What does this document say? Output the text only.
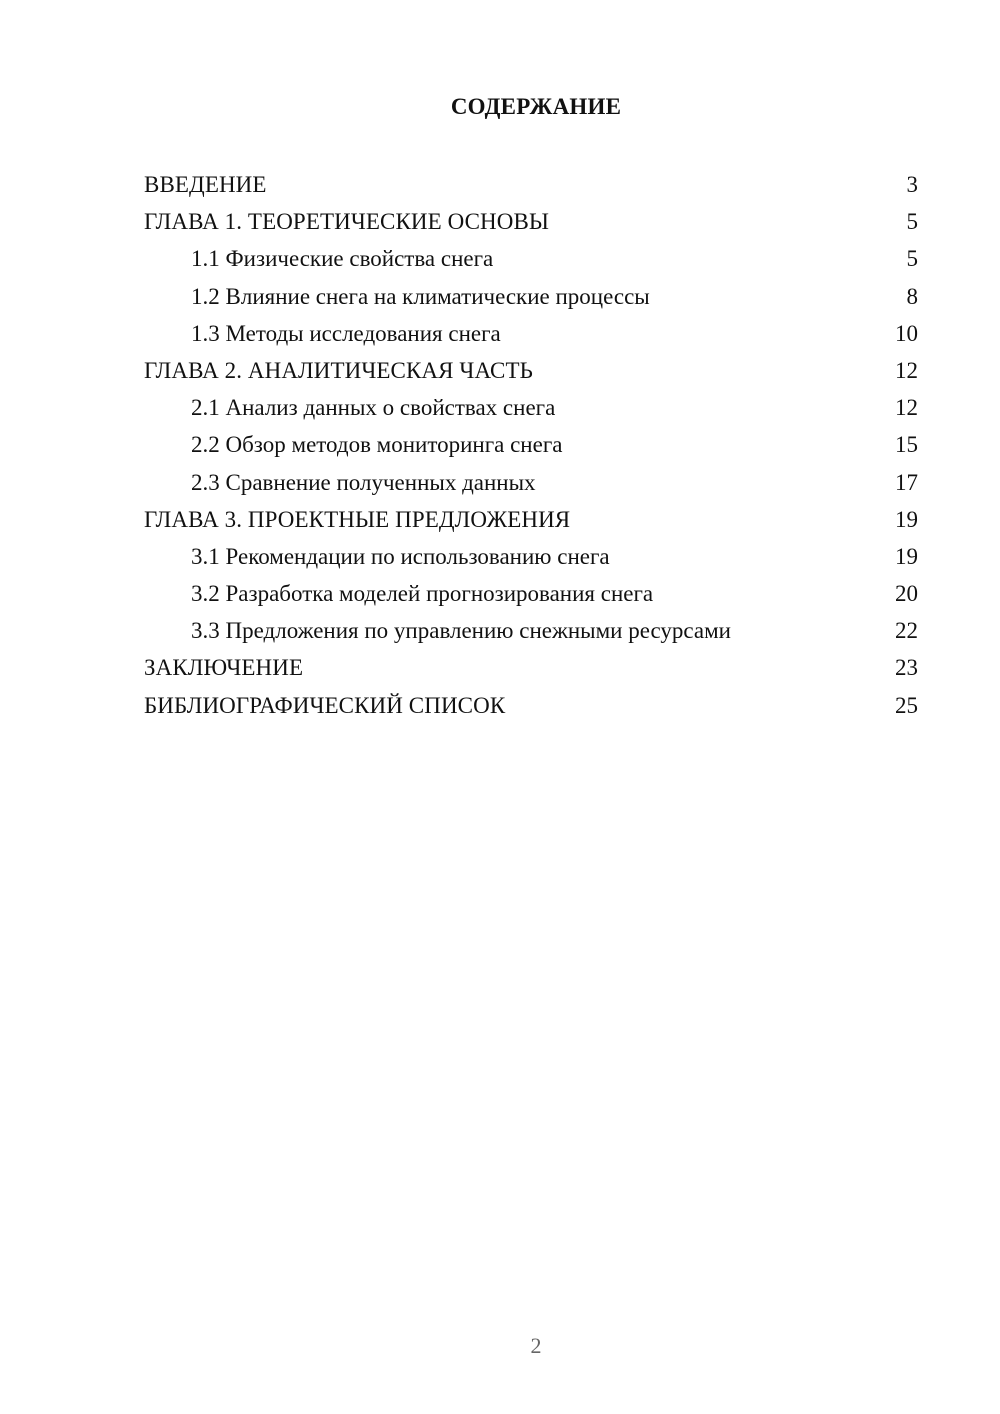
СОДЕРЖАНИЕ
ВВЕДЕНИЕ	3
ГЛАВА 1. ТЕОРЕТИЧЕСКИЕ ОСНОВЫ	5
1.1 Физические свойства снега	5
1.2 Влияние снега на климатические процессы	8
1.3 Методы исследования снега	10
ГЛАВА 2. АНАЛИТИЧЕСКАЯ ЧАСТЬ	12
2.1 Анализ данных о свойствах снега	12
2.2 Обзор методов мониторинга снега	15
2.3 Сравнение полученных данных	17
ГЛАВА 3. ПРОЕКТНЫЕ ПРЕДЛОЖЕНИЯ	19
3.1 Рекомендации по использованию снега	19
3.2 Разработка моделей прогнозирования снега	20
3.3 Предложения по управлению снежными ресурсами	22
ЗАКЛЮЧЕНИЕ	23
БИБЛИОГРАФИЧЕСКИЙ СПИСОК	25
2
